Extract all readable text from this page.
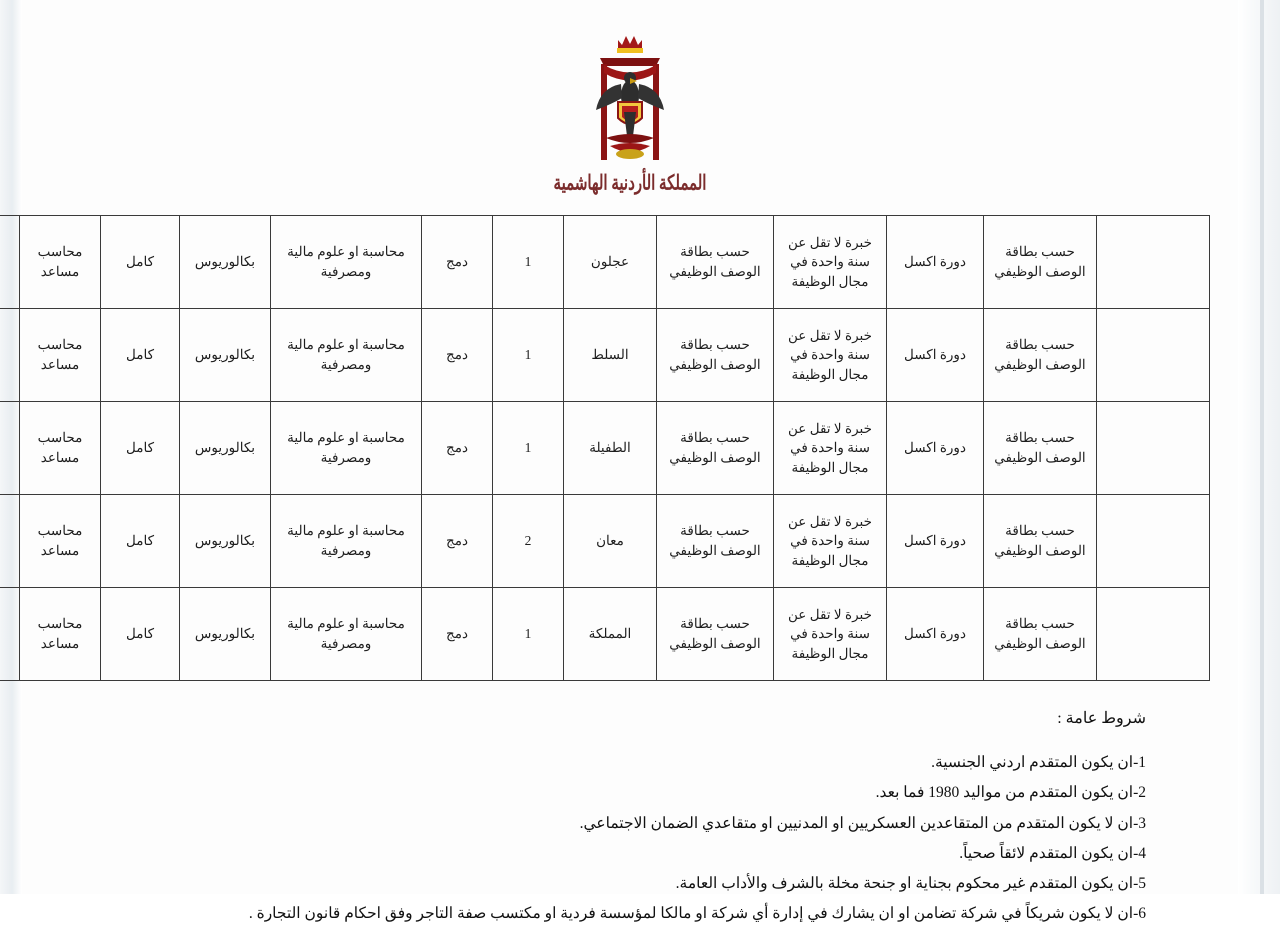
المملكة الأردنية الهاشمية
	حسب بطاقة الوصف الوظيفي	دورة اكسل	خبرة لا تقل عن سنة واحدة في مجال الوظيفة	حسب بطاقة الوصف الوظيفي	عجلون	1	دمج	محاسبة او علوم مالية ومصرفية	بكالوريوس	كامل	محاسب مساعد	
	حسب بطاقة الوصف الوظيفي	دورة اكسل	خبرة لا تقل عن سنة واحدة في مجال الوظيفة	حسب بطاقة الوصف الوظيفي	السلط	1	دمج	محاسبة او علوم مالية ومصرفية	بكالوريوس	كامل	محاسب مساعد	
	حسب بطاقة الوصف الوظيفي	دورة اكسل	خبرة لا تقل عن سنة واحدة في مجال الوظيفة	حسب بطاقة الوصف الوظيفي	الطفيلة	1	دمج	محاسبة او علوم مالية ومصرفية	بكالوريوس	كامل	محاسب مساعد	
	حسب بطاقة الوصف الوظيفي	دورة اكسل	خبرة لا تقل عن سنة واحدة في مجال الوظيفة	حسب بطاقة الوصف الوظيفي	معان	2	دمج	محاسبة او علوم مالية ومصرفية	بكالوريوس	كامل	محاسب مساعد	
	حسب بطاقة الوصف الوظيفي	دورة اكسل	خبرة لا تقل عن سنة واحدة في مجال الوظيفة	حسب بطاقة الوصف الوظيفي	المملكة	1	دمج	محاسبة او علوم مالية ومصرفية	بكالوريوس	كامل	محاسب مساعد	
شروط عامة :
1-ان يكون المتقدم اردني الجنسية.
2-ان يكون المتقدم من مواليد 1980 فما بعد.
3-ان لا يكون المتقدم من المتقاعدين العسكريين او المدنيين او متقاعدي الضمان الاجتماعي.
4-ان يكون المتقدم لائقاً صحياً.
5-ان يكون المتقدم غير محكوم بجناية او جنحة مخلة بالشرف والأداب العامة.
6-ان لا يكون شريكاً في شركة تضامن او ان يشارك في إدارة أي شركة او مالكا لمؤسسة فردية او مكتسب صفة التاجر وفق احكام قانون التجارة .
